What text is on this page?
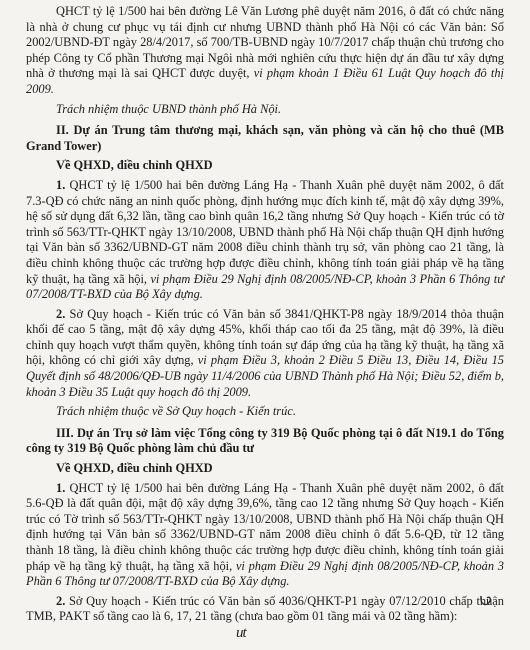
QHCT tỷ lệ 1/500 hai bên đường Lê Văn Lương phê duyệt năm 2016, ô đất có chức năng là nhà ở chung cư phục vụ tái định cư nhưng UBND thành phố Hà Nội có các Văn bản: Số 2002/UBND-ĐT ngày 28/4/2017, số 700/TB-UBND ngày 10/7/2017 chấp thuận chủ trương cho phép Công ty Cổ phần Thương mại Ngôi nhà mới nghiên cứu thực hiện dự án đầu tư xây dựng nhà ở thương mại là sai QHCT được duyệt, vi phạm khoản 1 Điều 61 Luật Quy hoạch đô thị 2009.

Trách nhiệm thuộc UBND thành phố Hà Nội.

II. Dự án Trung tâm thương mại, khách sạn, văn phòng và căn hộ cho thuê (MB Grand Tower)

Về QHXD, điều chỉnh QHXD

1. QHCT tỷ lệ 1/500 hai bên đường Láng Hạ - Thanh Xuân phê duyệt năm 2002, ô đất 7.3-QĐ có chức năng an ninh quốc phòng, định hướng mục đích kinh tế, mật độ xây dựng 39%, hệ số sử dụng đất 6,32 lần, tầng cao bình quân 16,2 tầng nhưng Sở Quy hoạch - Kiến trúc có tờ trình số 563/TTr-QHKT ngày 13/10/2008, UBND thành phố Hà Nội chấp thuận QH định hướng tại Văn bản số 3362/UBND-GT năm 2008 điều chỉnh thành trụ sở, văn phòng cao 21 tầng, là điều chỉnh không thuộc các trường hợp được điều chỉnh, không tính toán giải pháp về hạ tầng kỹ thuật, hạ tầng xã hội, vi phạm Điều 29 Nghị định 08/2005/NĐ-CP, khoản 3 Phần 6 Thông tư 07/2008/TT-BXD của Bộ Xây dựng.

2. Sở Quy hoạch - Kiến trúc có Văn bản số 3841/QHKT-P8 ngày 18/9/2014 thỏa thuận khối đế cao 5 tầng, mật độ xây dựng 45%, khối tháp cao tối đa 25 tầng, mật độ 39%, là điều chỉnh quy hoạch vượt thẩm quyền, không tính toán sự đáp ứng của hạ tầng kỹ thuật, hạ tầng xã hội, không có chỉ giới xây dựng, vi phạm Điều 3, khoản 2 Điều 5 Điều 13, Điều 14, Điều 15 Quyết định số 48/2006/QĐ-UB ngày 11/4/2006 của UBND Thành phố Hà Nội; Điều 52, điểm b, khoản 3 Điều 35 Luật quy hoạch đô thị 2009.

Trách nhiệm thuộc về Sở Quy hoạch - Kiến trúc.

III. Dự án Trụ sở làm việc Tổng công ty 319 Bộ Quốc phòng tại ô đất N19.1 do Tổng công ty 319 Bộ Quốc phòng làm chủ đầu tư

Về QHXD, điều chỉnh QHXD

1. QHCT tỷ lệ 1/500 hai bên đường Láng Hạ - Thanh Xuân phê duyệt năm 2002, ô đất 5.6-QĐ là đất quân đội, mật độ xây dựng 39,6%, tầng cao 12 tầng nhưng Sở Quy hoạch - Kiến trúc có Tờ trình số 563/TTr-QHKT ngày 13/10/2008, UBND thành phố Hà Nội chấp thuận QH định hướng tại Văn bản số 3362/UBND-GT năm 2008 điều chỉnh ô đất 5.6-QĐ, từ 12 tầng thành 18 tầng, là điều chỉnh không thuộc các trường hợp được điều chỉnh, không tính toán giải pháp về hạ tầng kỹ thuật, hạ tầng xã hội, vi phạm Điều 29 Nghị định 08/2005/NĐ-CP, khoản 3 Phần 6 Thông tư 07/2008/TT-BXD của Bộ Xây dựng.

2. Sở Quy hoạch - Kiến trúc có Văn bản số 4036/QHKT-P1 ngày 07/12/2010 chấp thuận TMB, PAKT số tầng cao là 6, 17, 21 tầng (chưa bao gồm 01 tầng mái và 02 tầng hầm):

ut
